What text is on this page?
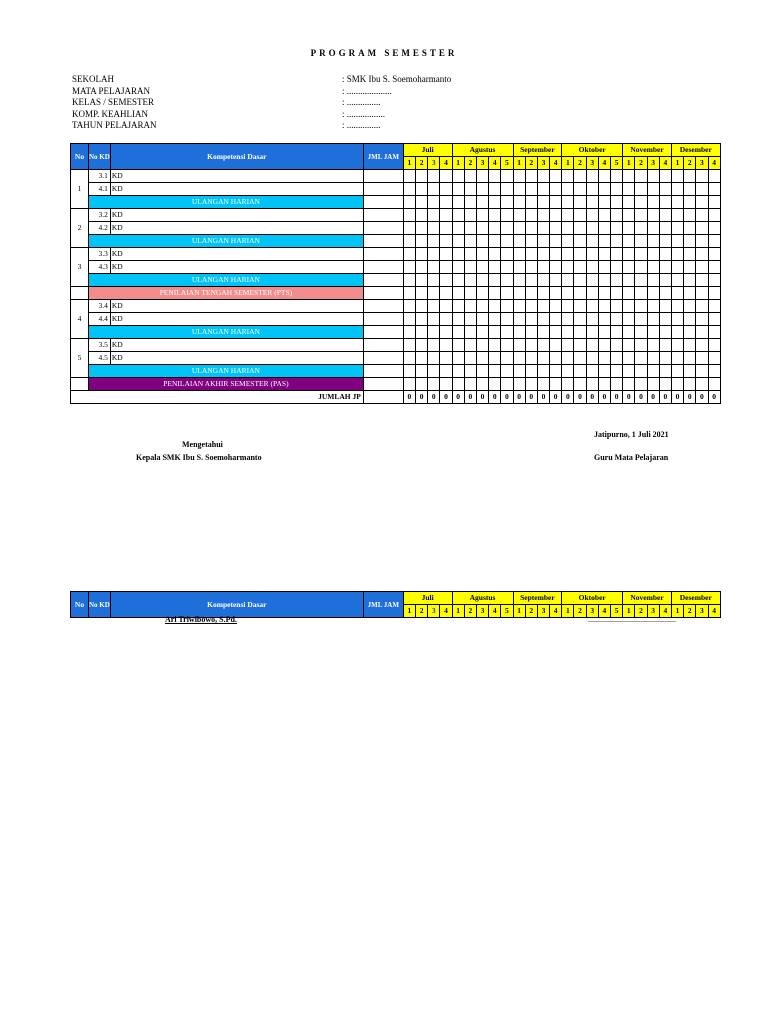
PROGRAM SEMESTER
SEKOLAH	: SMK Ibu S. Soemoharmanto
MATA PELAJARAN	: ....................
KELAS / SEMESTER	: ...............
KOMP. KEAHLIAN	: .................
TAHUN PELAJARAN	: ...............
No	No KD	Kompetensi Dasar	JML JAM	Juli				Agustus					September				Oktober					November				Desember			
				1	2	3	4	1	2	3	4	5	1	2	3	4	1	2	3	4	5	1	2	3	4	1	2	3	4
1	3.1	KD																											
	4.1	KD																											
	ULANGAN HARIAN																												
2	3.2	KD																											
	4.2	KD																											
	ULANGAN HARIAN																												
3	3.3	KD																											
	4.3	KD																											
	ULANGAN HARIAN																												
	PENILAIAN TENGAH SEMESTER (PTS)																												
4	3.4	KD																											
	4.4	KD																											
	ULANGAN HARIAN																												
5	3.5	KD																											
	4.5	KD																											
	ULANGAN HARIAN																												
	PENILAIAN AKHIR SEMESTER (PAS)																												
JUMLAH JP				0	0	0	0	0	0	0	0	0	0	0	0	0	0	0	0	0	0	0	0	0	0	0	0	0	0
Jatipurno, 1 Juli 2021
Mengetahui
Kepala SMK Ibu S. Soemoharmanto	Guru Mata Pelajaran
No	No KD	Kompetensi Dasar	JML JAM	Juli				Agustus					September				Oktober					November				Desember			
				1	2	3	4	1	2	3	4	5	1	2	3	4	1	2	3	4	5	1	2	3	4	1	2	3	4
Ari Triwibowo, S.Pd.	............................................
